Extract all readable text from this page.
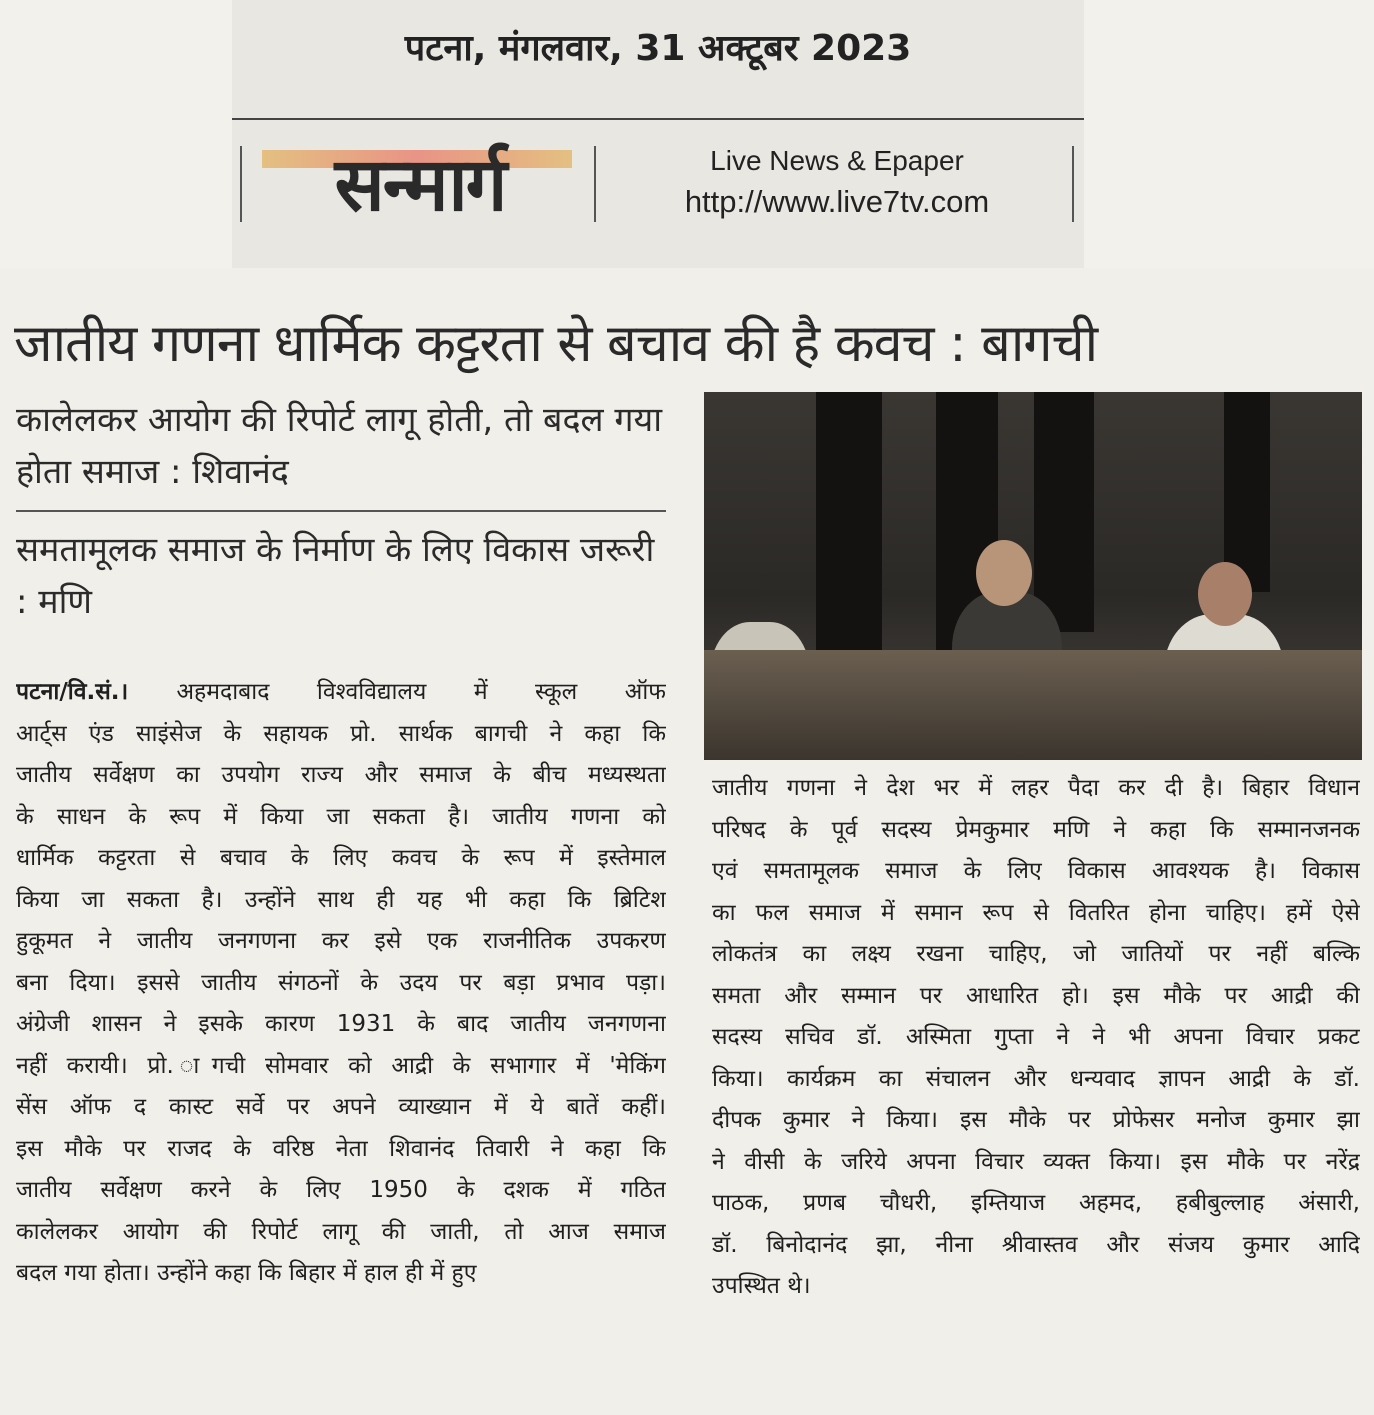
पटना, मंगलवार, 31 अक्टूबर 2023
सन्मार्ग	Live News & Epaper
http://www.live7tv.com
जातीय गणना धार्मिक कट्टरता से बचाव की है कवच : बागची
कालेलकर आयोग की रिपोर्ट लागू होती, तो बदल गया होता समाज : शिवानंद
समतामूलक समाज के निर्माण के लिए विकास जरूरी : मणि
पटना/वि.सं.। अहमदाबाद विश्वविद्यालय में स्कूल ऑफ
आर्ट्स एंड साइंसेज के सहायक प्रो. सार्थक बागची ने कहा कि
जातीय सर्वेक्षण का उपयोग राज्य और समाज के बीच मध्यस्थता
के साधन के रूप में किया जा सकता है। जातीय गणना को
धार्मिक कट्टरता से बचाव के लिए कवच के रूप में इस्तेमाल
किया जा सकता है। उन्होंने साथ ही यह भी कहा कि ब्रिटिश
हुकूमत ने जातीय जनगणना कर इसे एक राजनीतिक उपकरण
बना दिया। इससे जातीय संगठनों के उदय पर बड़ा प्रभाव पड़ा।
अंग्रेजी शासन ने इसके कारण 1931 के बाद जातीय जनगणना
नहीं करायी। प्रो. ागची सोमवार को आद्री के सभागार में 'मेकिंग
सेंस ऑफ द कास्ट सर्वे पर अपने व्याख्यान में ये बातें कहीं।
इस मौके पर राजद के वरिष्ठ नेता शिवानंद तिवारी ने कहा कि
जातीय सर्वेक्षण करने के लिए 1950 के दशक में गठित
कालेलकर आयोग की रिपोर्ट लागू की जाती, तो आज समाज
बदल गया होता। उन्होंने कहा कि बिहार में हाल ही में हुए
जातीय गणना ने देश भर में लहर पैदा कर दी है। बिहार विधान
परिषद के पूर्व सदस्य प्रेमकुमार मणि ने कहा कि सम्मानजनक
एवं समतामूलक समाज के लिए विकास आवश्यक है। विकास
का फल समाज में समान रूप से वितरित होना चाहिए। हमें ऐसे
लोकतंत्र का लक्ष्य रखना चाहिए, जो जातियों पर नहीं बल्कि
समता और सम्मान पर आधारित हो। इस मौके पर आद्री की
सदस्य सचिव डॉ. अस्मिता गुप्ता ने ने भी अपना विचार प्रकट
किया। कार्यक्रम का संचालन और धन्यवाद ज्ञापन आद्री के डॉ.
दीपक कुमार ने किया। इस मौके पर प्रोफेसर मनोज कुमार झा
ने वीसी के जरिये अपना विचार व्यक्त किया। इस मौके पर नरेंद्र
पाठक, प्रणब चौधरी, इम्तियाज अहमद, हबीबुल्लाह अंसारी,
डॉ. बिनोदानंद झा, नीना श्रीवास्तव और संजय कुमार आदि
उपस्थित थे।
